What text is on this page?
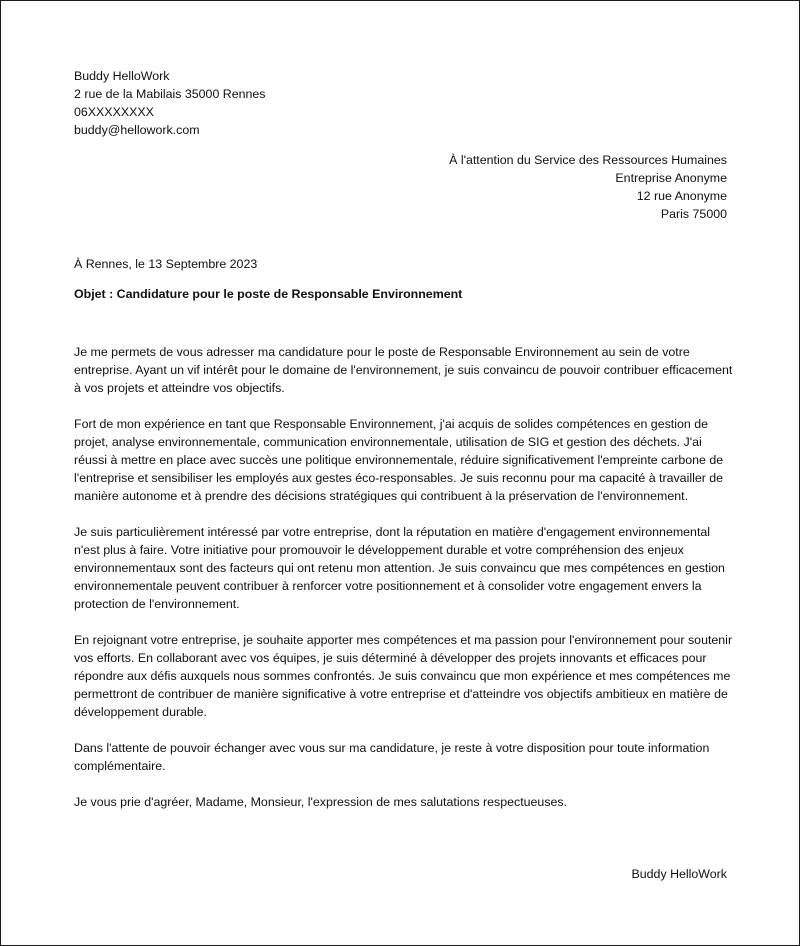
Buddy HelloWork
2 rue de la Mabilais 35000 Rennes
06XXXXXXXX
buddy@hellowork.com
À l'attention du Service des Ressources Humaines
Entreprise Anonyme
12 rue Anonyme
Paris 75000
À Rennes, le 13 Septembre 2023
Objet : Candidature pour le poste de Responsable Environnement

Je me permets de vous adresser ma candidature pour le poste de Responsable Environnement au sein de votre entreprise. Ayant un vif intérêt pour le domaine de l'environnement, je suis convaincu de pouvoir contribuer efficacement à vos projets et atteindre vos objectifs.

Fort de mon expérience en tant que Responsable Environnement, j'ai acquis de solides compétences en gestion de projet, analyse environnementale, communication environnementale, utilisation de SIG et gestion des déchets. J'ai réussi à mettre en place avec succès une politique environnementale, réduire significativement l'empreinte carbone de l'entreprise et sensibiliser les employés aux gestes éco-responsables. Je suis reconnu pour ma capacité à travailler de manière autonome et à prendre des décisions stratégiques qui contribuent à la préservation de l'environnement.

Je suis particulièrement intéressé par votre entreprise, dont la réputation en matière d'engagement environnemental n'est plus à faire. Votre initiative pour promouvoir le développement durable et votre compréhension des enjeux environnementaux sont des facteurs qui ont retenu mon attention. Je suis convaincu que mes compétences en gestion environnementale peuvent contribuer à renforcer votre positionnement et à consolider votre engagement envers la protection de l'environnement.

En rejoignant votre entreprise, je souhaite apporter mes compétences et ma passion pour l'environnement pour soutenir vos efforts. En collaborant avec vos équipes, je suis déterminé à développer des projets innovants et efficaces pour répondre aux défis auxquels nous sommes confrontés. Je suis convaincu que mon expérience et mes compétences me permettront de contribuer de manière significative à votre entreprise et d'atteindre vos objectifs ambitieux en matière de développement durable.

Dans l'attente de pouvoir échanger avec vous sur ma candidature, je reste à votre disposition pour toute information complémentaire.

Je vous prie d'agréer, Madame, Monsieur, l'expression de mes salutations respectueuses.

Buddy HelloWork
